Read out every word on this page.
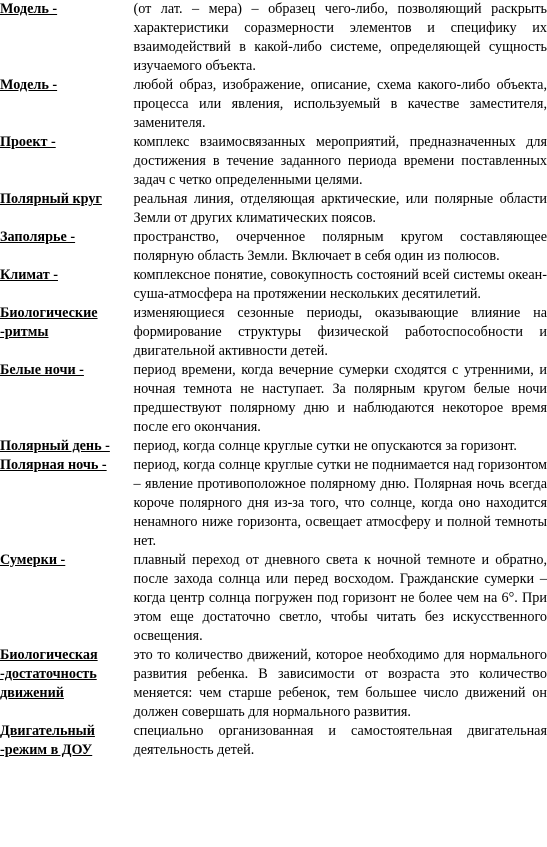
Модель -	(от лат. – мера) – образец чего-либо, позволяющий раскрыть характеристики соразмерности элементов и специфику их взаимодействий в какой-либо системе, определяющей сущность изучаемого объекта.
Модель -	любой образ, изображение, описание, схема какого-либо объекта, процесса или явления, используемый в качестве заместителя, заменителя.
Проект -	комплекс взаимосвязанных мероприятий, предназначенных для достижения в течение заданного периода времени поставленных задач с четко определенными целями.
Полярный круг	реальная линия, отделяющая арктические, или полярные области Земли от других климатических поясов.
Заполярье -	пространство, очерченное полярным кругом составляющее полярную область Земли. Включает в себя один из полюсов.
Климат -	комплексное понятие, совокупность состояний всей системы океан-суша-атмосфера на протяжении нескольких десятилетий.
Биологические -ритмы	изменяющиеся сезонные периоды, оказывающие влияние на формирование структуры физической работоспособности и двигательной активности детей.
Белые ночи -	период времени, когда вечерние сумерки сходятся с утренними, и ночная темнота не наступает. За полярным кругом белые ночи предшествуют полярному дню и наблюдаются некоторое время после его окончания.
Полярный день -	период, когда солнце круглые сутки не опускаются за горизонт.
Полярная ночь -	период, когда солнце круглые сутки не поднимается над горизонтом – явление противоположное полярному дню. Полярная ночь всегда короче полярного дня из-за того, что солнце, когда оно находится ненамного ниже горизонта, освещает атмосферу и полной темноты нет.
Сумерки -	плавный переход от дневного света к ночной темноте и обратно, после захода солнца или перед восходом. Гражданские сумерки – когда центр солнца погружен под горизонт не более чем на 6°. При этом еще достаточно светло, чтобы читать без искусственного освещения.
Биологическая -достаточность движений	это то количество движений, которое необходимо для нормального развития ребенка. В зависимости от возраста это количество меняется: чем старше ребенок, тем большее число движений он должен совершать для нормального развития.
Двигательный -режим в ДОУ	специально организованная и самостоятельная двигательная деятельность детей.
